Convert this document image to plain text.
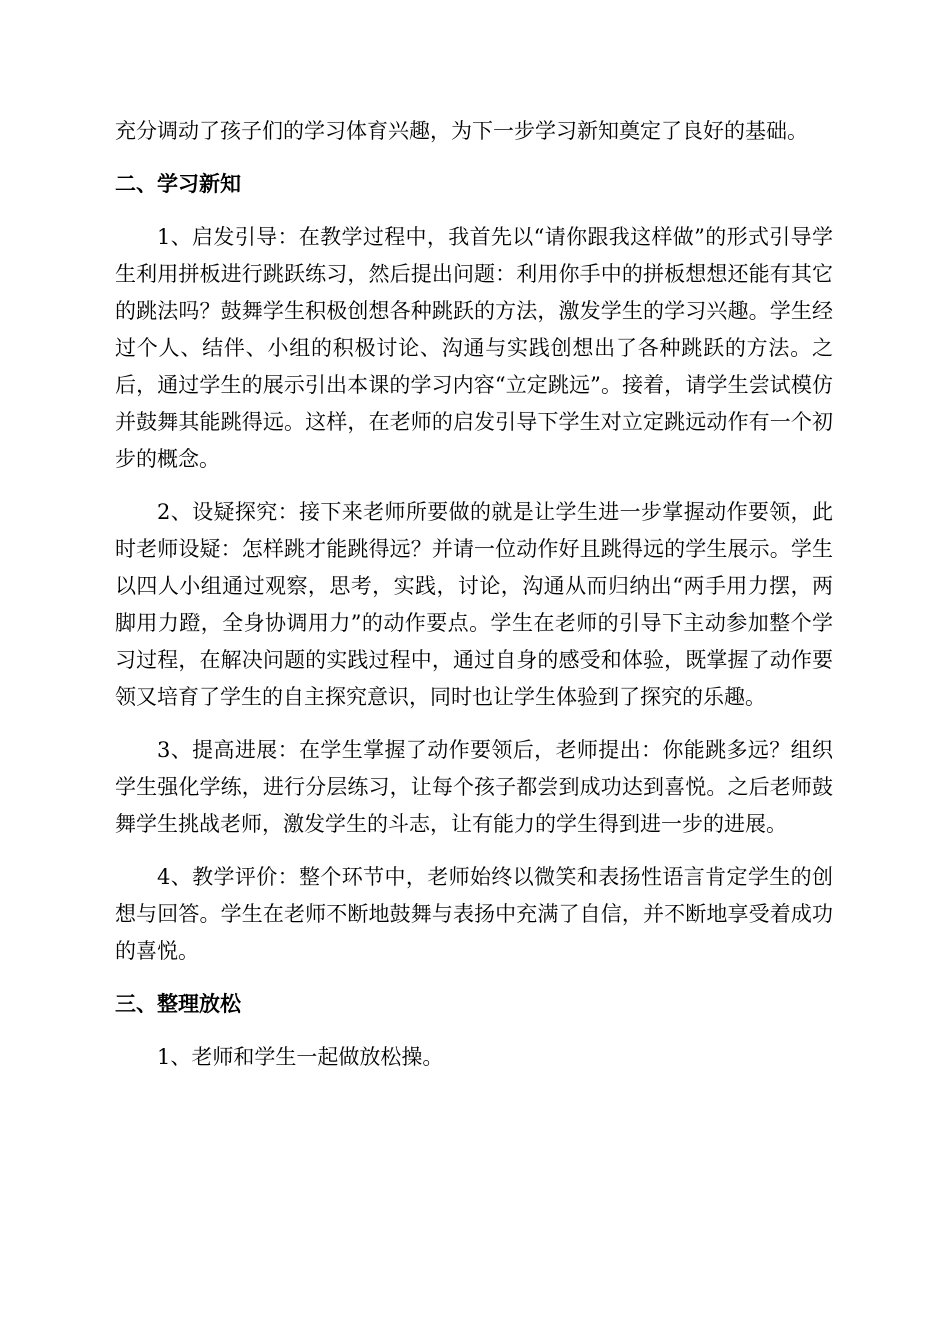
充分调动了孩子们的学习体育兴趣，为下一步学习新知奠定了良好的基础。

二、学习新知

1、启发引导：在教学过程中，我首先以“请你跟我这样做”的形式引导学生利用拼板进行跳跃练习，然后提出问题：利用你手中的拼板想想还能有其它的跳法吗？鼓舞学生积极创想各种跳跃的方法，激发学生的学习兴趣。学生经过个人、结伴、小组的积极讨论、沟通与实践创想出了各种跳跃的方法。之后，通过学生的展示引出本课的学习内容“立定跳远”。接着，请学生尝试模仿并鼓舞其能跳得远。这样，在老师的启发引导下学生对立定跳远动作有一个初步的概念。

2、设疑探究：接下来老师所要做的就是让学生进一步掌握动作要领，此时老师设疑：怎样跳才能跳得远？并请一位动作好且跳得远的学生展示。学生以四人小组通过观察，思考，实践，讨论，沟通从而归纳出“两手用力摆，两脚用力蹬，全身协调用力”的动作要点。学生在老师的引导下主动参加整个学习过程，在解决问题的实践过程中，通过自身的感受和体验，既掌握了动作要领又培育了学生的自主探究意识，同时也让学生体验到了探究的乐趣。

3、提高进展：在学生掌握了动作要领后，老师提出：你能跳多远？组织学生强化学练，进行分层练习，让每个孩子都尝到成功达到喜悦。之后老师鼓舞学生挑战老师，激发学生的斗志，让有能力的学生得到进一步的进展。

4、教学评价：整个环节中，老师始终以微笑和表扬性语言肯定学生的创想与回答。学生在老师不断地鼓舞与表扬中充满了自信，并不断地享受着成功的喜悦。

三、整理放松

1、老师和学生一起做放松操。
